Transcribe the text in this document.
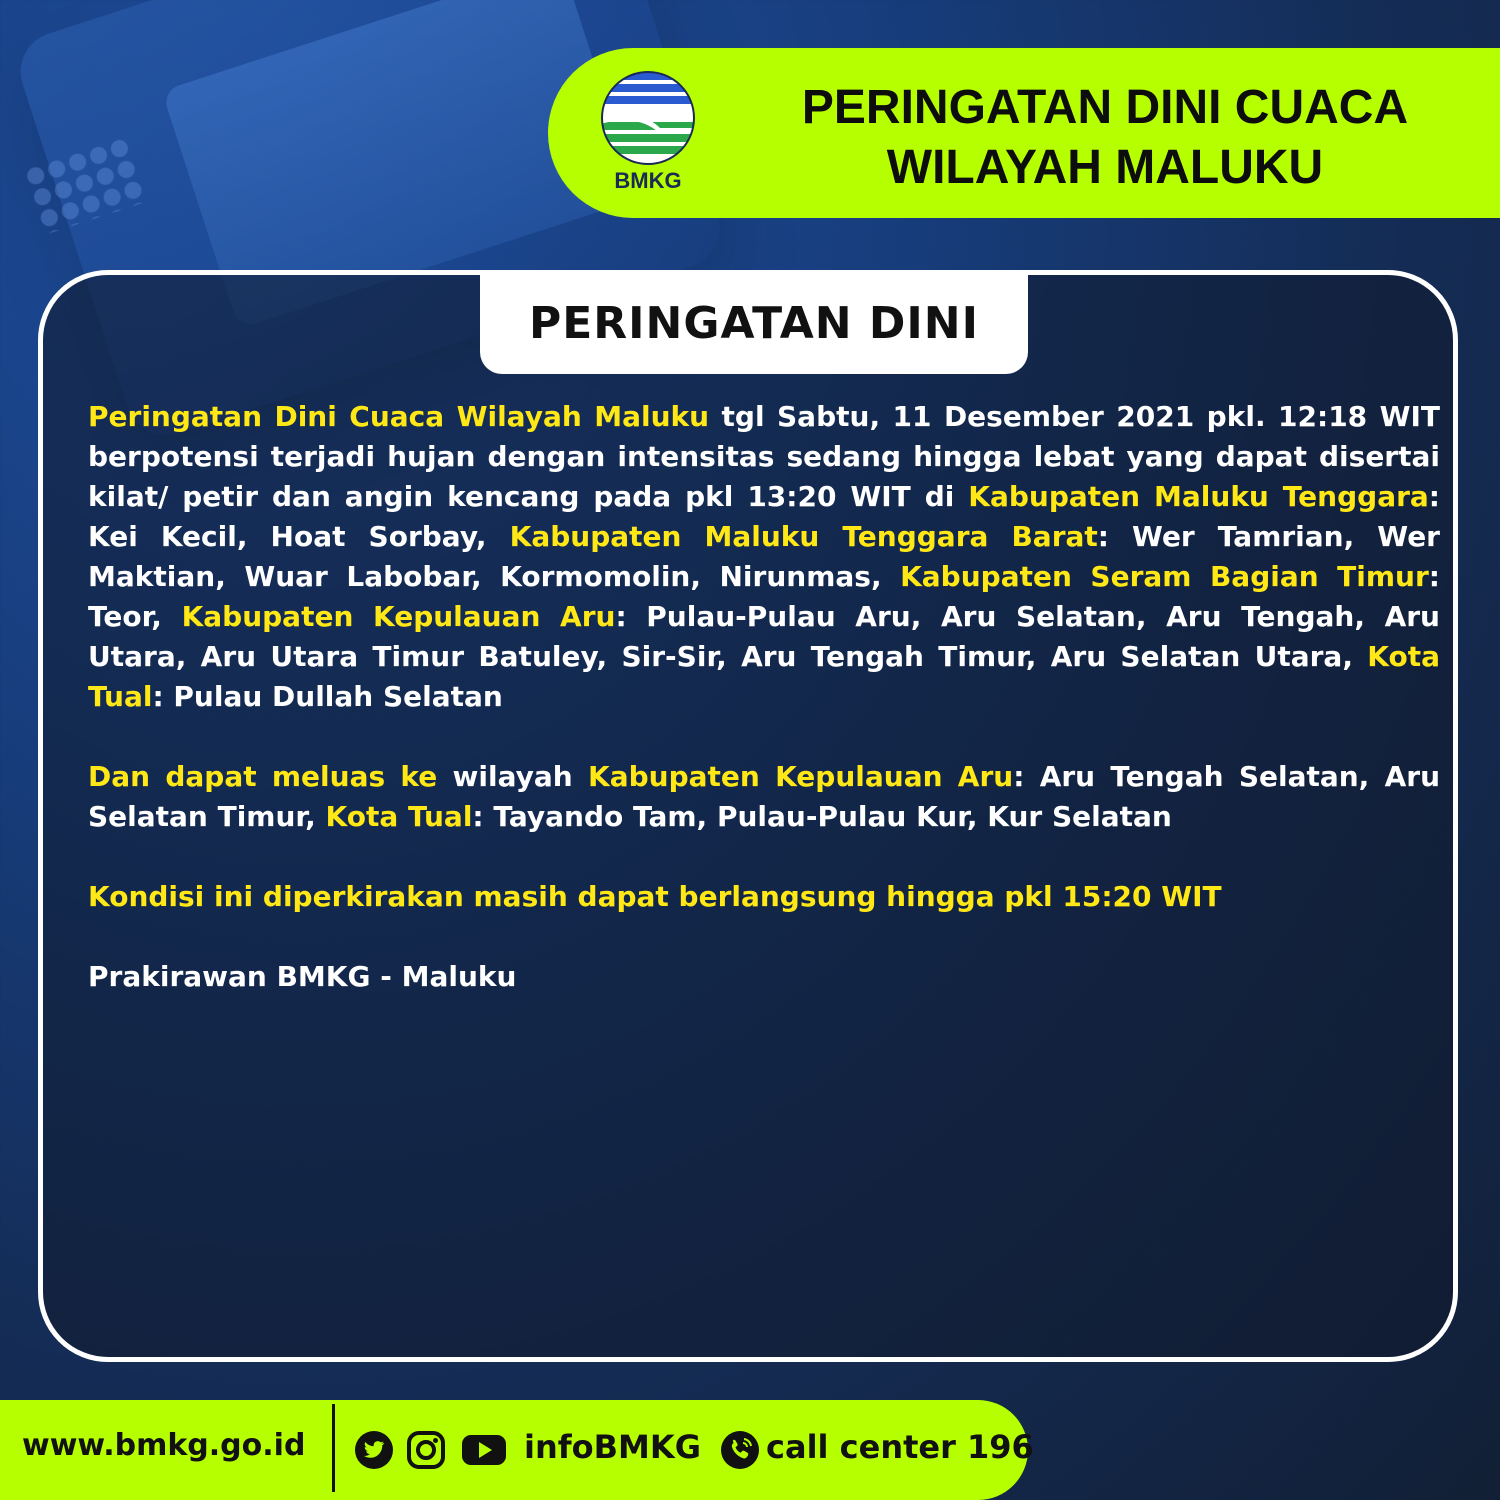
BMKG
PERINGATAN DINI CUACA
WILAYAH MALUKU
PERINGATAN DINI

Peringatan Dini Cuaca Wilayah Maluku tgl Sabtu, 11 Desember 2021 pkl. 12:18 WIT berpotensi terjadi hujan dengan intensitas sedang hingga lebat yang dapat disertai kilat/ petir dan angin kencang pada pkl 13:20 WIT di Kabupaten Maluku Tenggara: Kei Kecil, Hoat Sorbay, Kabupaten Maluku Tenggara Barat: Wer Tamrian, Wer Maktian, Wuar Labobar, Kormomolin, Nirunmas, Kabupaten Seram Bagian Timur: Teor, Kabupaten Kepulauan Aru: Pulau-Pulau Aru, Aru Selatan, Aru Tengah, Aru Utara, Aru Utara Timur Batuley, Sir-Sir, Aru Tengah Timur, Aru Selatan Utara, Kota Tual: Pulau Dullah Selatan

Dan dapat meluas ke wilayah Kabupaten Kepulauan Aru: Aru Tengah Selatan, Aru Selatan Timur, Kota Tual: Tayando Tam, Pulau-Pulau Kur, Kur Selatan

Kondisi ini diperkirakan masih dapat berlangsung hingga pkl 15:20 WIT

Prakirawan BMKG - Maluku

www.bmkg.go.id	infoBMKG call center 196
